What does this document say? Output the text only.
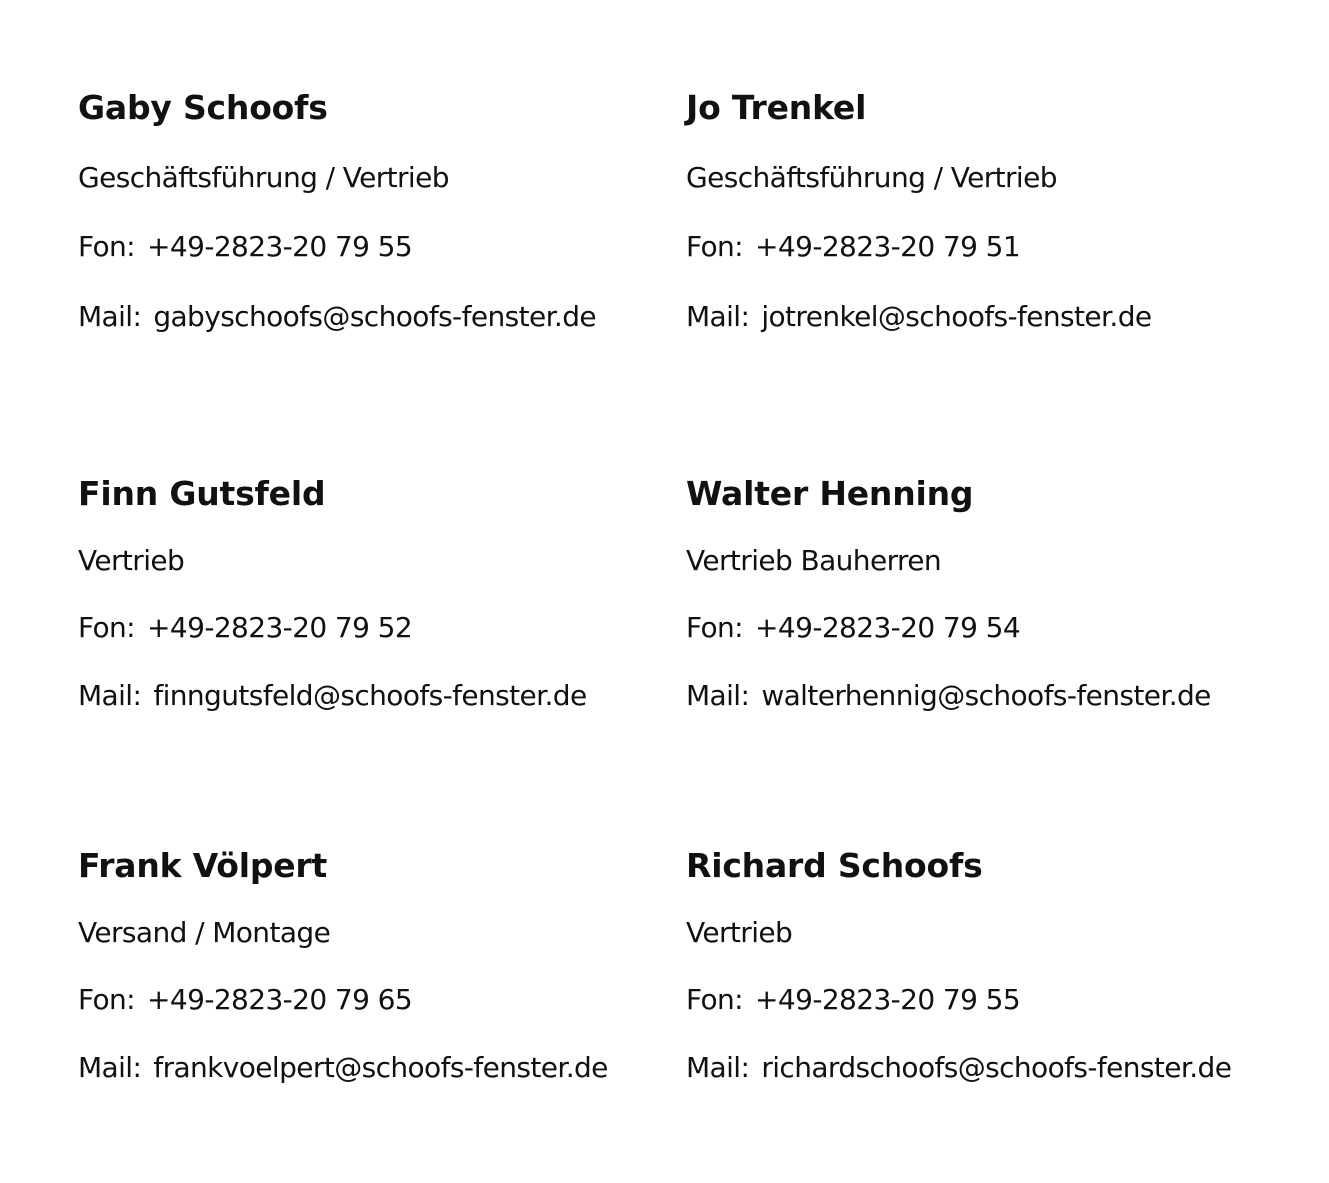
Gaby Schoofs

Geschäftsführung / Vertrieb

Fon: +49-2823-20 79 55

Mail: gabyschoofs@schoofs-fenster.de

Jo Trenkel

Geschäftsführung / Vertrieb

Fon: +49-2823-20 79 51

Mail: jotrenkel@schoofs-fenster.de

Finn Gutsfeld

Vertrieb

Fon: +49-2823-20 79 52

Mail: finngutsfeld@schoofs-fenster.de

Walter Henning

Vertrieb Bauherren

Fon: +49-2823-20 79 54

Mail: walterhennig@schoofs-fenster.de

Frank Völpert

Versand / Montage

Fon: +49-2823-20 79 65

Mail: frankvoelpert@schoofs-fenster.de

Richard Schoofs

Vertrieb

Fon: +49-2823-20 79 55

Mail: richardschoofs@schoofs-fenster.de
